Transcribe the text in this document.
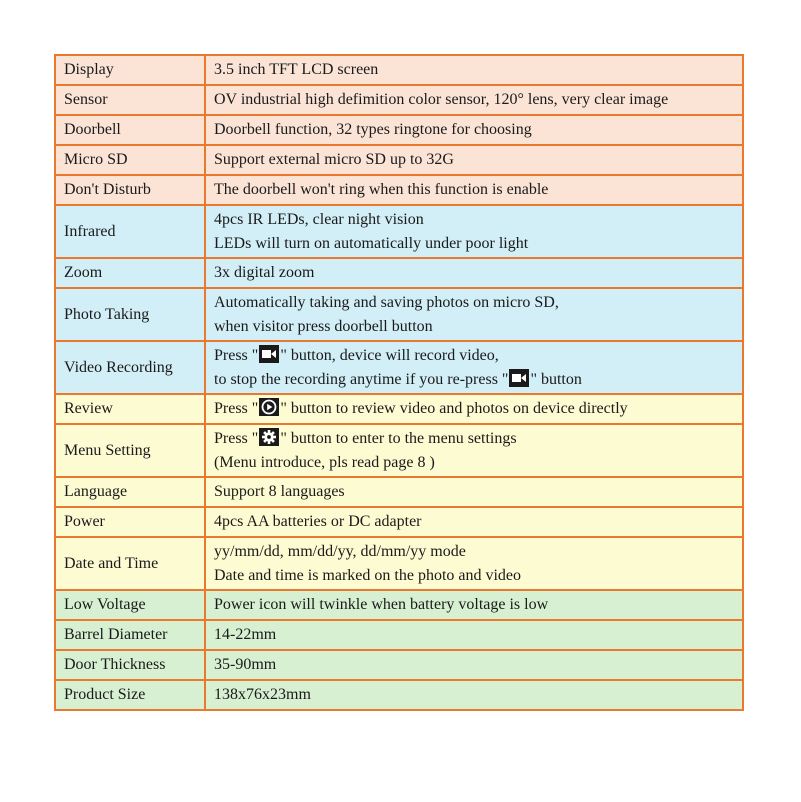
Display	3.5 inch TFT LCD screen
Sensor	OV industrial high defimition color sensor, 120° lens, very clear image
Doorbell	Doorbell function, 32 types ringtone for choosing
Micro SD	Support external micro SD up to 32G
Don't Disturb	The doorbell won't ring when this function is enable
Infrared	4pcs IR LEDs, clear night vision
LEDs will turn on automatically under poor light

Zoom	3x digital zoom
Photo Taking	Automatically taking and saving photos on micro SD,
when visitor press doorbell button

Video Recording	Press " " button, device will record video,
to stop the recording anytime if you re-press " " button

Review	Press " " button to review video and photos on device directly
Menu Setting	Press " " button to enter to the menu settings
(Menu introduce, pls read page 8 )

Language	Support 8 languages
Power	4pcs AA batteries or DC adapter
Date and Time	yy/mm/dd, mm/dd/yy, dd/mm/yy mode
Date and time is marked on the photo and video

Low Voltage	Power icon will twinkle when battery voltage is low
Barrel Diameter	14-22mm
Door Thickness	35-90mm
Product Size	138x76x23mm
